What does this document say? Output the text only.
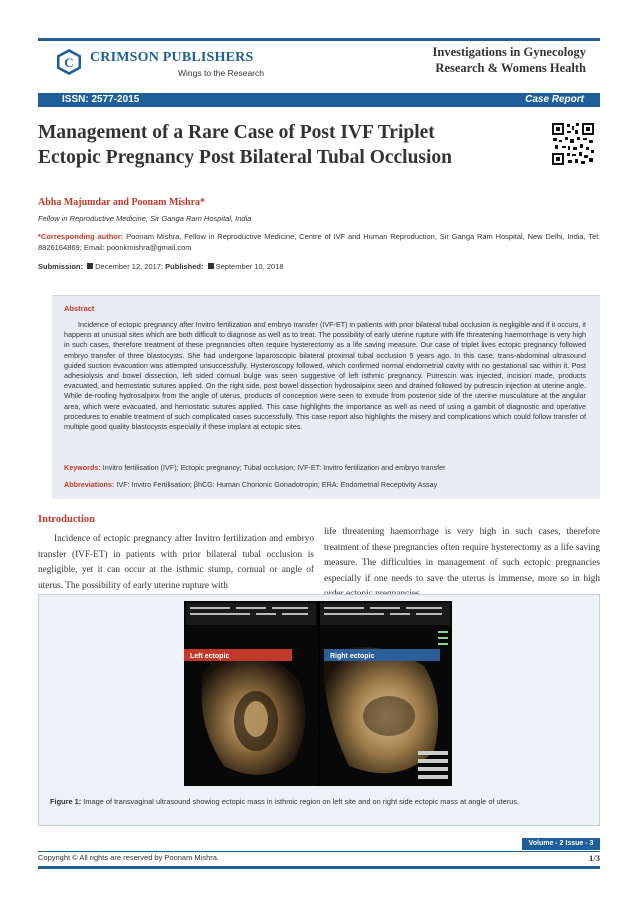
C CRIMSON PUBLISHERS
Wings to the Research
Investigations in Gynecology
Research & Womens Health
ISSN: 2577-2015	Case Report
Management of a Rare Case of Post IVF Triplet
Ectopic Pregnancy Post Bilateral Tubal Occlusion
Abha Majumdar and Poonam Mishra*
Fellow in Reproductive Medicine, Sir Ganga Ram Hospital, India
*Corresponding author: Poonam Mishra, Fellow in Reproductive Medicine, Centre of IVF and Human Reproduction, Sir Ganga Ram Hospital, New Delhi, India, Tel: 8826164869; Email: poonkmishra@gmail.com
Submission: December 12, 2017; Published: September 10, 2018
Abstract
Incidence of ectopic pregnancy after Invitro fertilization and embryo transfer (IVF-ET) in patients with prior bilateral tubal occlusion is negligible and if it occurs, it happens at unusual sites which are both difficult to diagnose as well as to treat. The possibility of early uterine rupture with life threatening haemorrhage is very high in such cases, therefore treatment of these pregnancies often require hysterectomy as a life saving measure. Our case of triplet lives ectopic pregnancy followed embryo transfer of three blastocysts. She had undergone laparoscopic bilateral proximal tubal occlusion 5 years ago. In this case, trans-abdominal ultrasound guided suction evacuation was attempted unsuccessfully. Hysteroscopy followed, which confirmed normal endometrial cavity with no gestational sac within it. Post adhesiolysis and bowel dissection, left sided cornual bulge was seen suggestive of left isthmic pregnancy. Putrescin was injected, incision made, products evacuated, and hemostatic sutures applied. On the right side, post bowel dissection hydrosalpinx seen and drained followed by putrescin injection at uterine angle. While de-roofing hydrosalpinx from the angle of uterus, products of conception were seen to extrude from posterior side of the uterine musculature at the angular area, which were evacuated, and hemostatic sutures applied. This case highlights the importance as well as need of using a gambit of diagnostic and operative procedures to enable treatment of such complicated cases successfully. This case report also highlights the misery and complications which could follow transfer of multiple good quality blastocysts especially if these implant at ectopic sites.
Keywords: Invitro fertilisation (IVF); Ectopic pregnancy; Tubal occlusion; IVF-ET: Invitro fertilization and embryo transfer
Abbreviations: IVF: Invitro Fertilisation; βhCG: Human Chorionic Gonadotropin; ERA: Endometrial Receptivity Assay
Introduction
Incidence of ectopic pregnancy after Invitro fertilization and embryo transfer (IVF-ET) in patients with prior bilateral tubal occlusion is negligible, yet it can occur at the isthmic stump, cornual or angle of uterus. The possibility of early uterine rupture with
life threatening haemorrhage is very high in such cases, therefore treatment of these pregnancies often require hysterectomy as a life saving measure. The difficulties in management of such ectopic pregnancies especially if one needs to save the uterus is immense, more so in high
Left ectopic	Right ectopic
Figure 1: Image of transvaginal ultrasound showing ectopic mass in isthmic region on left site and on right side ectopic mass at angle of uterus.
Volume - 2 Issue - 3
Copyright © All rights are reserved by Poonam Mishra.	1/3
